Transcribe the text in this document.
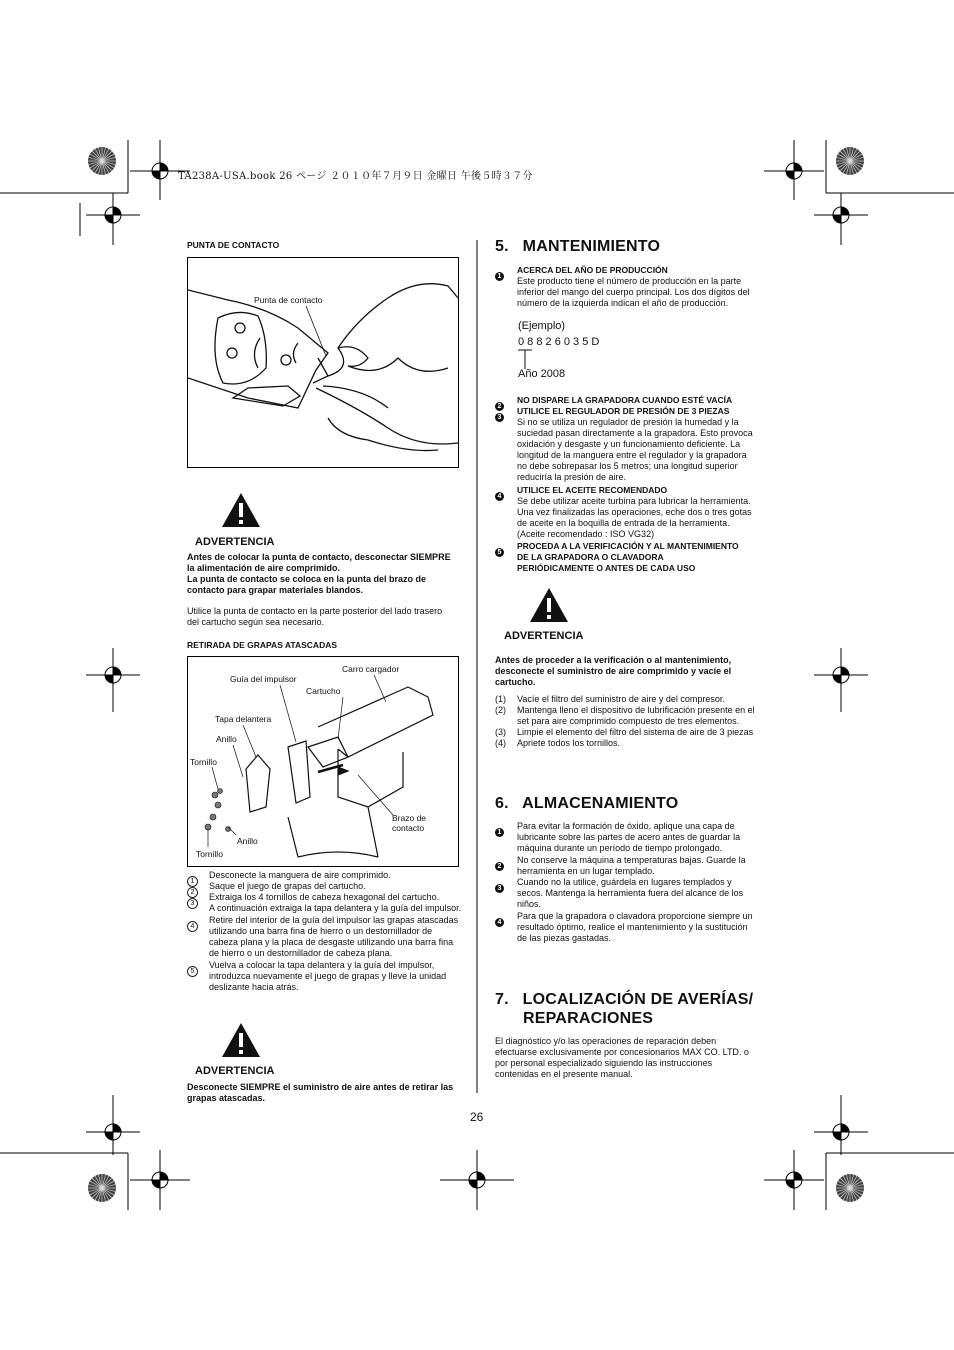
TA238A-USA.book 26 ページ ２０１０年７月９日 金曜日 午後５時３７分
PUNTA DE CONTACTO
Punta de contacto
ADVERTENCIA
Antes de colocar la punta de contacto, desconectar SIEMPRE
la alimentación de aire comprimido.
La punta de contacto se coloca en la punta del brazo de
contacto para grapar materiales blandos.
Utilice la punta de contacto en la parte posterior del lado trasero
del cartucho según sea necesario.
RETIRADA DE GRAPAS ATASCADAS
Carro cargador
Guía del impulsor
Cartucho
Tapa delantera
Anillo
Tornillo
Brazo de
contacto
Anillo
Tornillo
1
Desconecte la manguera de aire comprimido.
2
Saque el juego de grapas del cartucho.
3
Extraiga los 4 tornillos de cabeza hexagonal del cartucho.
A continuación extraiga la tapa delantera y la guía del impulsor.
4
Retire del interior de la guía del impulsor las grapas atascadas
utilizando una barra fina de hierro o un destornillador de
cabeza plana y la placa de desgaste utilizando una barra fina
de hierro o un destornillador de cabeza plana.
5
Vuelva a colocar la tapa delantera y la guía del impulsor,
introduzca nuevamente el juego de grapas y lleve la unidad
deslizante hacia atrás.
ADVERTENCIA
Desconecte SIEMPRE el suministro de aire antes de retirar las
grapas atascadas.
26
5.   MANTENIMIENTO
1
ACERCA DEL AÑO DE PRODUCCIÓN
Este producto tiene el número de producción en la parte
inferior del mango del cuerpo principal. Los dos dígitos del
número de la izquierda indican el año de producción.
(Ejemplo)
0 8 8 2 6 0 3 5 D
Año 2008
2
NO DISPARE LA GRAPADORA CUANDO ESTÉ VACÍA
3
UTILICE EL REGULADOR DE PRESIÓN DE 3 PIEZAS
Si no se utiliza un regulador de presión la humedad y la
suciedad pasan directamente a la grapadora. Esto provoca
oxidación y desgaste y un funcionamiento deficiente. La
longitud de la manguera entre el regulador y la grapadora
no debe sobrepasar los 5 metros; una longitud superior
reduciría la presión de aire.
4
UTILICE EL ACEITE RECOMENDADO
Se debe utilizar aceite turbina para lubricar la herramienta.
Una vez finalizadas las operaciones, eche dos o tres gotas
de aceite en la boquilla de entrada de la herramienta.
(Aceite recomendado : ISO VG32)
5
PROCEDA A LA VERIFICACIÓN Y AL MANTENIMIENTO
DE LA GRAPADORA O CLAVADORA
PERIÓDICAMENTE O ANTES DE CADA USO
ADVERTENCIA
Antes de proceder a la verificación o al mantenimiento,
desconecte el suministro de aire comprimido y vacíe el
cartucho.
(1)	Vacíe el filtro del suministro de aire y del compresor.
(2)	Mantenga lleno el dispositivo de lubrificación presente en el
set para aire comprimido compuesto de tres elementos.
(3)	Limpie el elemento del filtro del sistema de aire de 3 piezas
(4)	Apriete todos los tornillos.
6.   ALMACENAMIENTO
1
Para evitar la formación de óxido, aplique una capa de
lubricante sobre las partes de acero antes de guardar la
máquina durante un período de tiempo prolongado.
2
No conserve la máquina a temperaturas bajas. Guarde la
herramienta en un lugar templado.
3
Cuando no la utilice, guárdela en lugares templados y
secos. Mantenga la herramienta fuera del alcance de los
niños.
4
Para que la grapadora o clavadora proporcione siempre un
resultado óptimo, realice el mantenimiento y la sustitución
de las piezas gastadas.
7.   LOCALIZACIÓN DE AVERÍAS/
REPARACIONES
El diagnóstico y/o las operaciones de reparación deben
efectuarse exclusivamente por concesionarios MAX CO. LTD. o
por personal especializado siguiendo las instrucciones
contenidas en el presente manual.
